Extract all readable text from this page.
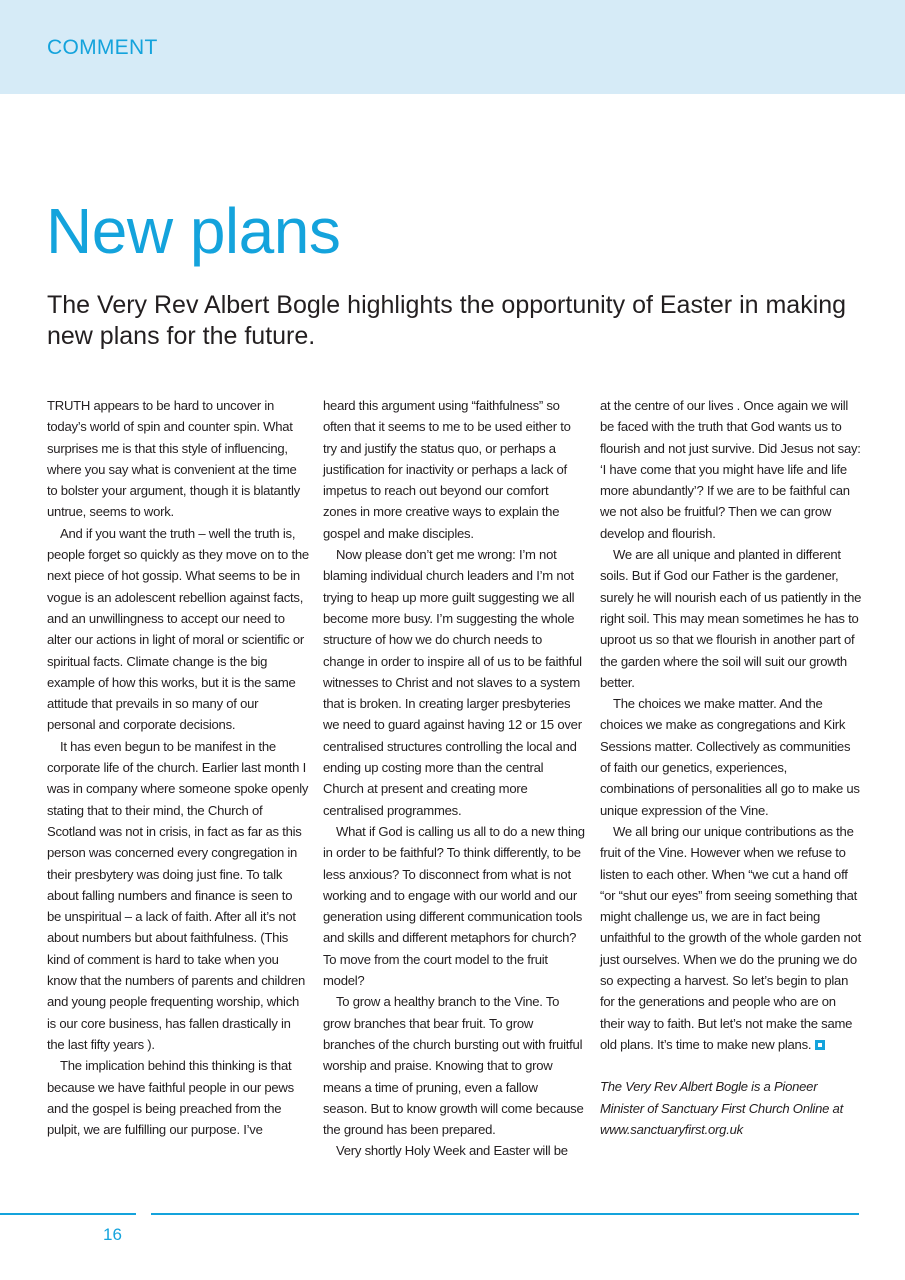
COMMENT
New plans
The Very Rev Albert Bogle highlights the opportunity of Easter in making new plans for the future.

TRUTH appears to be hard to uncover in today’s world of spin and counter spin. What surprises me is that this style of influencing, where you say what is convenient at the time to bolster your argument, though it is blatantly untrue, seems to work.

And if you want the truth – well the truth is, people forget so quickly as they move on to the next piece of hot gossip. What seems to be in vogue is an adolescent rebellion against facts, and an unwillingness to accept our need to alter our actions in light of moral or scientific or spiritual facts. Climate change is the big example of how this works, but it is the same attitude that prevails in so many of our personal and corporate decisions.

It has even begun to be manifest in the corporate life of the church. Earlier last month I was in company where someone spoke openly stating that to their mind, the Church of Scotland was not in crisis, in fact as far as this person was concerned every congregation in their presbytery was doing just fine. To talk about falling numbers and finance is seen to be unspiritual – a lack of faith. After all it’s not about numbers but about faithfulness. (This kind of comment is hard to take when you know that the numbers of parents and children and young people frequenting worship, which is our core business, has fallen drastically in the last fifty years ).

The implication behind this thinking is that because we have faithful people in our pews and the gospel is being preached from the pulpit, we are fulfilling our purpose. I’ve

heard this argument using “faithfulness” so often that it seems to me to be used either to try and justify the status quo, or perhaps a justification for inactivity or perhaps a lack of impetus to reach out beyond our comfort zones in more creative ways to explain the gospel and make disciples.

Now please don’t get me wrong: I’m not blaming individual church leaders and I’m not trying to heap up more guilt suggesting we all become more busy. I’m suggesting the whole structure of how we do church needs to change in order to inspire all of us to be faithful witnesses to Christ and not slaves to a system that is broken. In creating larger presbyteries we need to guard against having 12 or 15 over centralised structures controlling the local and ending up costing more than the central Church at present and creating more centralised programmes.

What if God is calling us all to do a new thing in order to be faithful? To think differently, to be less anxious? To disconnect from what is not working and to engage with our world and our generation using different communication tools and skills and different metaphors for church? To move from the court model to the fruit model?

To grow a healthy branch to the Vine. To grow branches that bear fruit. To grow branches of the church bursting out with fruitful worship and praise. Knowing that to grow means a time of pruning, even a fallow season. But to know growth will come because the ground has been prepared.

Very shortly Holy Week and Easter will be

at the centre of our lives . Once again we will be faced with the truth that God wants us to flourish and not just survive. Did Jesus not say: ‘I have come that you might have life and life more abundantly’? If we are to be faithful can we not also be fruitful? Then we can grow develop and flourish.

We are all unique and planted in different soils. But if God our Father is the gardener, surely he will nourish each of us patiently in the right soil. This may mean sometimes he has to uproot us so that we flourish in another part of the garden where the soil will suit our growth better.

The choices we make matter. And the choices we make as congregations and Kirk Sessions matter. Collectively as communities of faith our genetics, experiences, combinations of personalities all go to make us unique expression of the Vine.

We all bring our unique contributions as the fruit of the Vine. However when we refuse to listen to each other. When “we cut a hand off “or “shut our eyes” from seeing something that might challenge us, we are in fact being unfaithful to the growth of the whole garden not just ourselves. When we do the pruning we do so expecting a harvest. So let’s begin to plan for the generations and people who are on their way to faith. But let’s not make the same old plans. It’s time to make new plans.

The Very Rev Albert Bogle is a Pioneer Minister of Sanctuary First Church Online at www.sanctuaryfirst.org.uk

16
